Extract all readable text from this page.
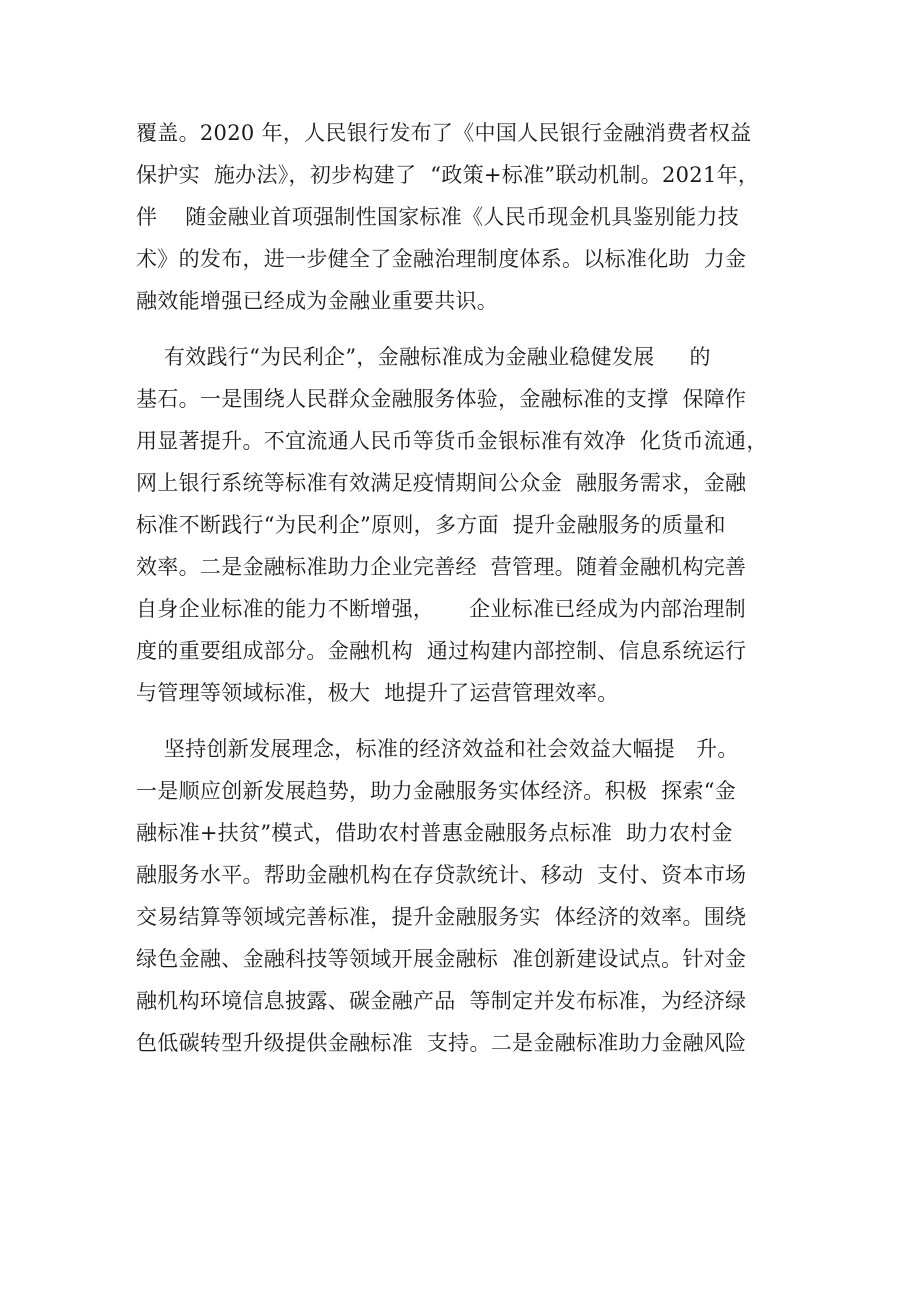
覆盖。2020 年，人民银行发布了《中国人民银行金融消费者权益
保护实  施办法》，初步构建了  “政策+标准”联动机制。2021年，
伴    随金融业首项强制性国家标准《人民币现金机具鉴别能力技
术》的发布，进一步健全了金融治理制度体系。以标准化助  力金
融效能增强已经成为金融业重要共识。
有效践行“为民利企”，金融标准成为金融业稳健发展     的
基石。一是围绕人民群众金融服务体验，金融标准的支撑  保障作
用显著提升。不宜流通人民币等货币金银标准有效净  化货币流通，
网上银行系统等标准有效满足疫情期间公众金  融服务需求，金融
标准不断践行“为民利企”原则，多方面  提升金融服务的质量和
效率。二是金融标准助力企业完善经  营管理。随着金融机构完善
自身企业标准的能力不断增强，     企业标准已经成为内部治理制
度的重要组成部分。金融机构  通过构建内部控制、信息系统运行
与管理等领域标准，极大  地提升了运营管理效率。
坚持创新发展理念，标准的经济效益和社会效益大幅提   升。
一是顺应创新发展趋势，助力金融服务实体经济。积极  探索“金
融标准+扶贫”模式，借助农村普惠金融服务点标准  助力农村金
融服务水平。帮助金融机构在存贷款统计、移动  支付、资本市场
交易结算等领域完善标准，提升金融服务实  体经济的效率。围绕
绿色金融、金融科技等领域开展金融标  准创新建设试点。针对金
融机构环境信息披露、碳金融产品  等制定并发布标准，为经济绿
色低碳转型升级提供金融标准  支持。二是金融标准助力金融风险
